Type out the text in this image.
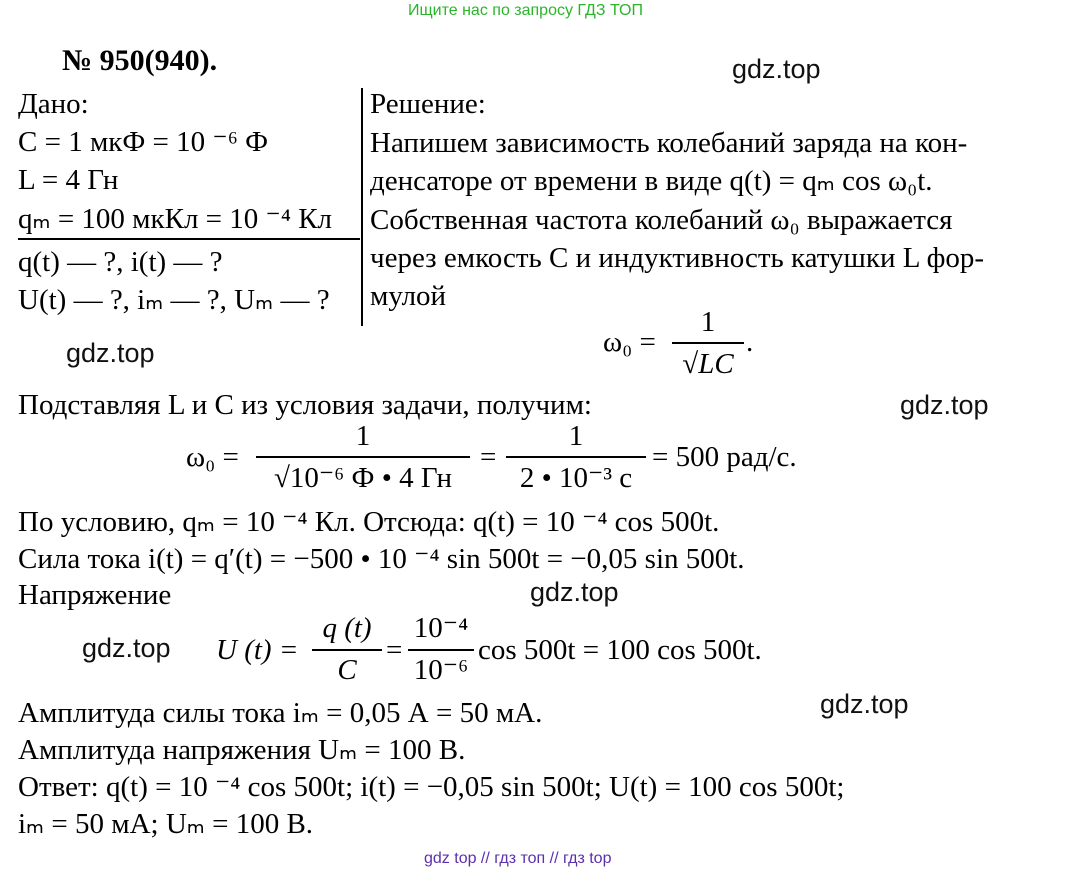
Ищите нас по запросу ГДЗ ТОП
gdz top // гдз топ // гдз top
gdz.top
gdz.top
gdz.top
gdz.top
gdz.top
gdz.top
№ 950(940).
Дано:
C = 1 мкФ = 10 ⁻⁶ Ф
L = 4 Гн
qₘ = 100 мкКл = 10 ⁻⁴ Кл
q(t) — ?, i(t) — ?
U(t) — ?, iₘ — ?, Uₘ — ?
Решение:
Напишем зависимость колебаний заряда на кон-
денсаторе от времени в виде q(t) = qₘ cos ω₀t.
Собственная частота колебаний ω₀ выражается
через емкость C и индуктивность катушки L фор-
мулой
ω₀ =
1
√LC
.
Подставляя L и C из условия задачи, получим:
ω₀ =
1
√10⁻⁶ Ф • 4 Гн
=
1
2 • 10⁻³ с
= 500 рад/с.
По условию, qₘ = 10 ⁻⁴ Кл. Отсюда: q(t) = 10 ⁻⁴ cos 500t.
Сила тока i(t) = q′(t) = −500 • 10 ⁻⁴ sin 500t = −0,05 sin 500t.
Напряжение
U (t) =
q (t)
C
=
10⁻⁴
10⁻⁶
cos 500t = 100 cos 500t.
Амплитуда силы тока iₘ = 0,05 А = 50 мА.
Амплитуда напряжения Uₘ = 100 В.
Ответ: q(t) = 10 ⁻⁴ cos 500t; i(t) = −0,05 sin 500t; U(t) = 100 cos 500t;
iₘ = 50 мА; Uₘ = 100 В.
